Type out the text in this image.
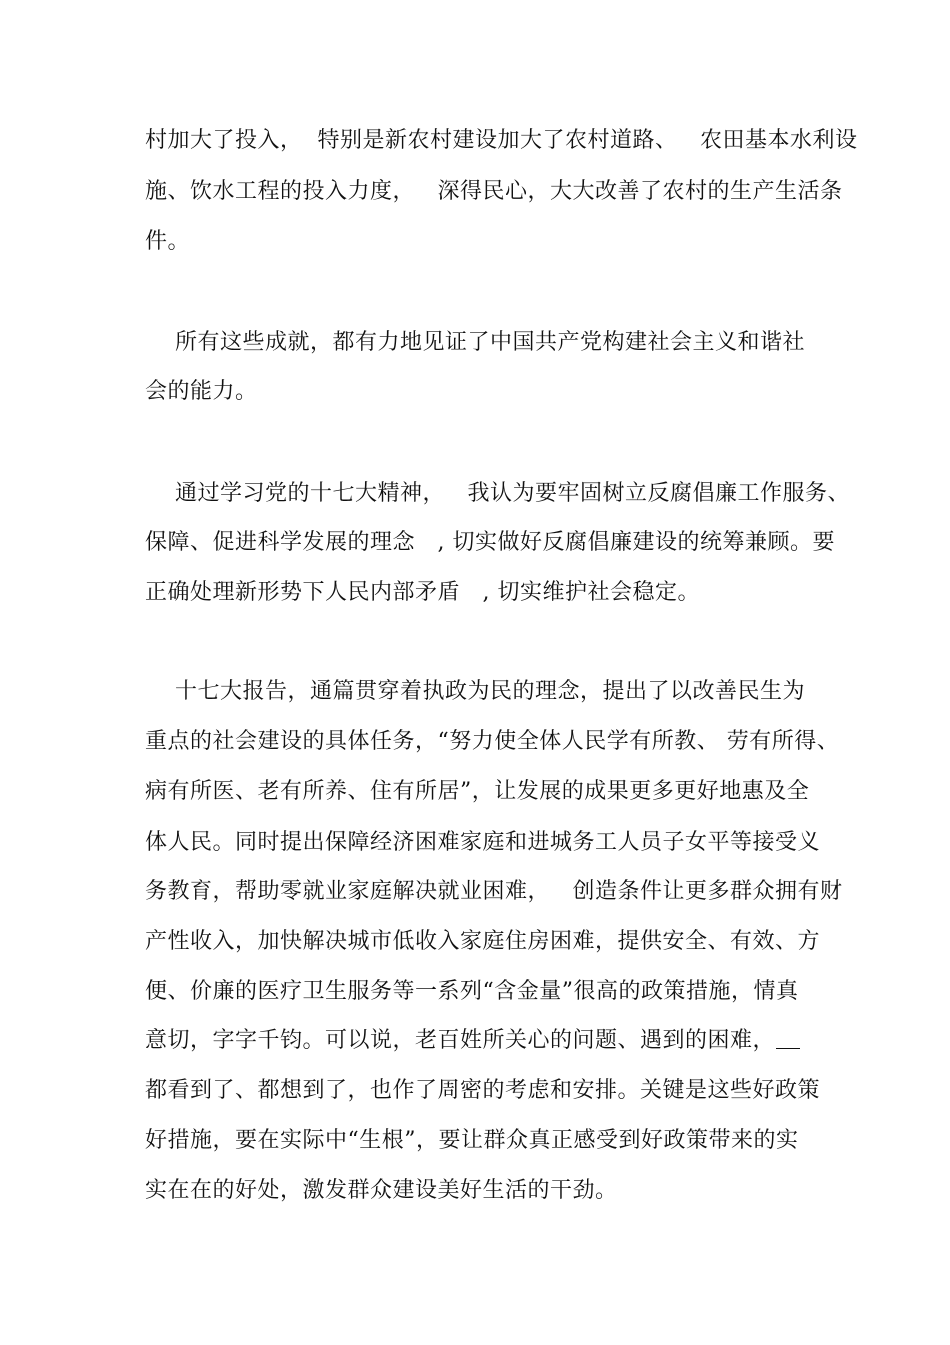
村加大了投入，  特别是新农村建设加大了农村道路、   农田基本水利设
施、饮水工程的投入力度，   深得民心，大大改善了农村的生产生活条
件。
所有这些成就，都有力地见证了中国共产党构建社会主义和谐社
会的能力。
通过学习党的十七大精神，   我认为要牢固树立反腐倡廉工作服务、
保障、促进科学发展的理念   , 切实做好反腐倡廉建设的统筹兼顾。要
正确处理新形势下人民内部矛盾   , 切实维护社会稳定。
十七大报告，通篇贯穿着执政为民的理念，提出了以改善民生为
重点的社会建设的具体任务，“努力使全体人民学有所教、 劳有所得、
病有所医、老有所养、住有所居”，让发展的成果更多更好地惠及全
体人民。同时提出保障经济困难家庭和进城务工人员子女平等接受义
务教育，帮助零就业家庭解决就业困难，   创造条件让更多群众拥有财
产性收入，加快解决城市低收入家庭住房困难，提供安全、有效、方
便、价廉的医疗卫生服务等一系列“含金量”很高的政策措施，情真
意切，字字千钧。可以说，老百姓所关心的问题、遇到的困难，
都看到了、都想到了，也作了周密的考虑和安排。关键是这些好政策
好措施，要在实际中“生根”，要让群众真正感受到好政策带来的实
实在在的好处，激发群众建设美好生活的干劲。
